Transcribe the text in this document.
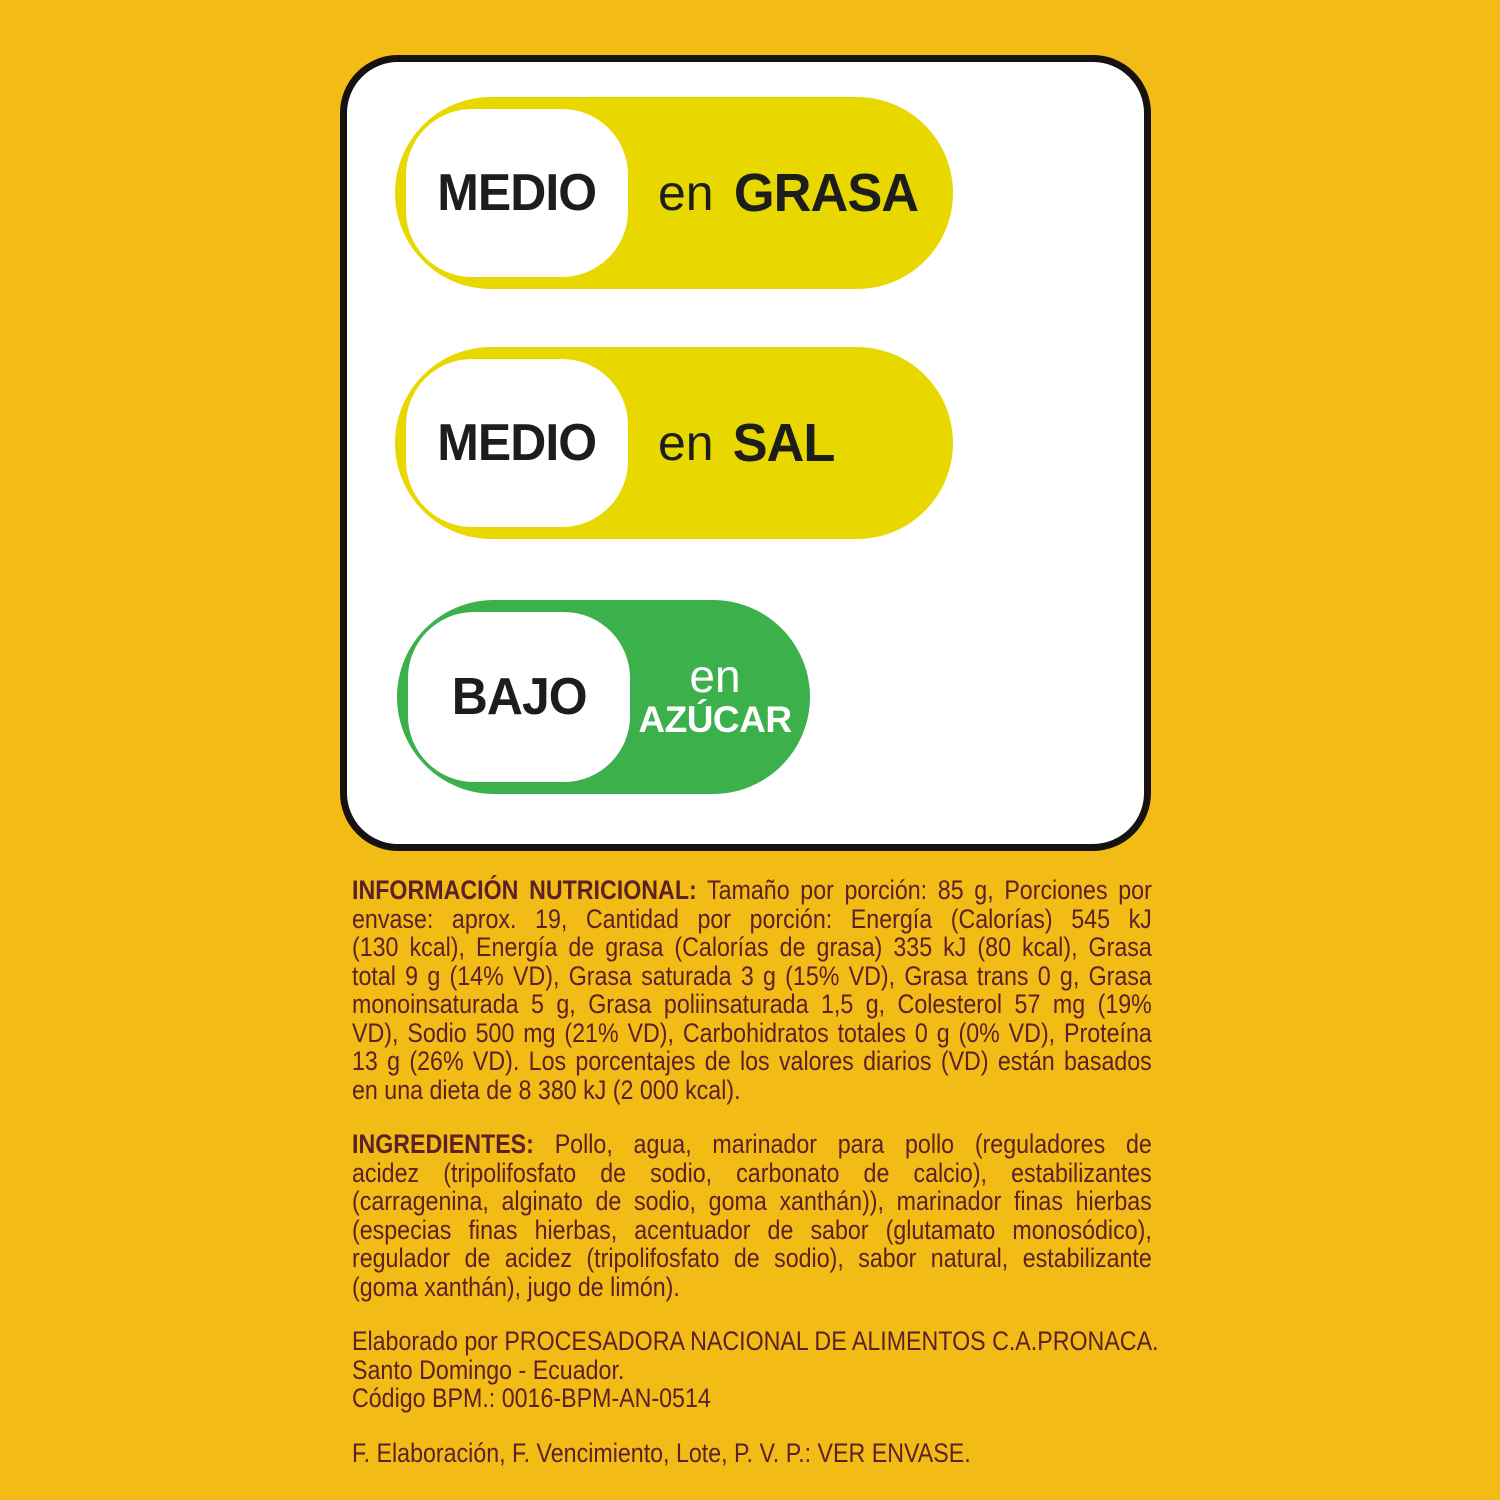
MEDIO en GRASA
MEDIO en SAL
BAJO en
AZÚCAR
INFORMACIÓN NUTRICIONAL: Tamaño por porción: 85 g, Porciones por
envase: aprox. 19, Cantidad por porción: Energía (Calorías) 545 kJ
(130 kcal), Energía de grasa (Calorías de grasa) 335 kJ (80 kcal), Grasa
total 9 g (14% VD), Grasa saturada 3 g (15% VD), Grasa trans 0 g, Grasa
monoinsaturada 5 g, Grasa poliinsaturada 1,5 g, Colesterol 57 mg (19%
VD), Sodio 500 mg (21% VD), Carbohidratos totales 0 g (0% VD), Proteína
13 g (26% VD). Los porcentajes de los valores diarios (VD) están basados
en una dieta de 8 380 kJ (2 000 kcal).
INGREDIENTES: Pollo, agua, marinador para pollo (reguladores de
acidez (tripolifosfato de sodio, carbonato de calcio), estabilizantes
(carragenina, alginato de sodio, goma xanthán)), marinador finas hierbas
(especias finas hierbas, acentuador de sabor (glutamato monosódico),
regulador de acidez (tripolifosfato de sodio), sabor natural, estabilizante
(goma xanthán), jugo de limón).
Elaborado por PROCESADORA NACIONAL DE ALIMENTOS C.A.PRONACA.
Santo Domingo - Ecuador.
Código BPM.: 0016-BPM-AN-0514
F. Elaboración, F. Vencimiento, Lote, P. V. P.: VER ENVASE.
